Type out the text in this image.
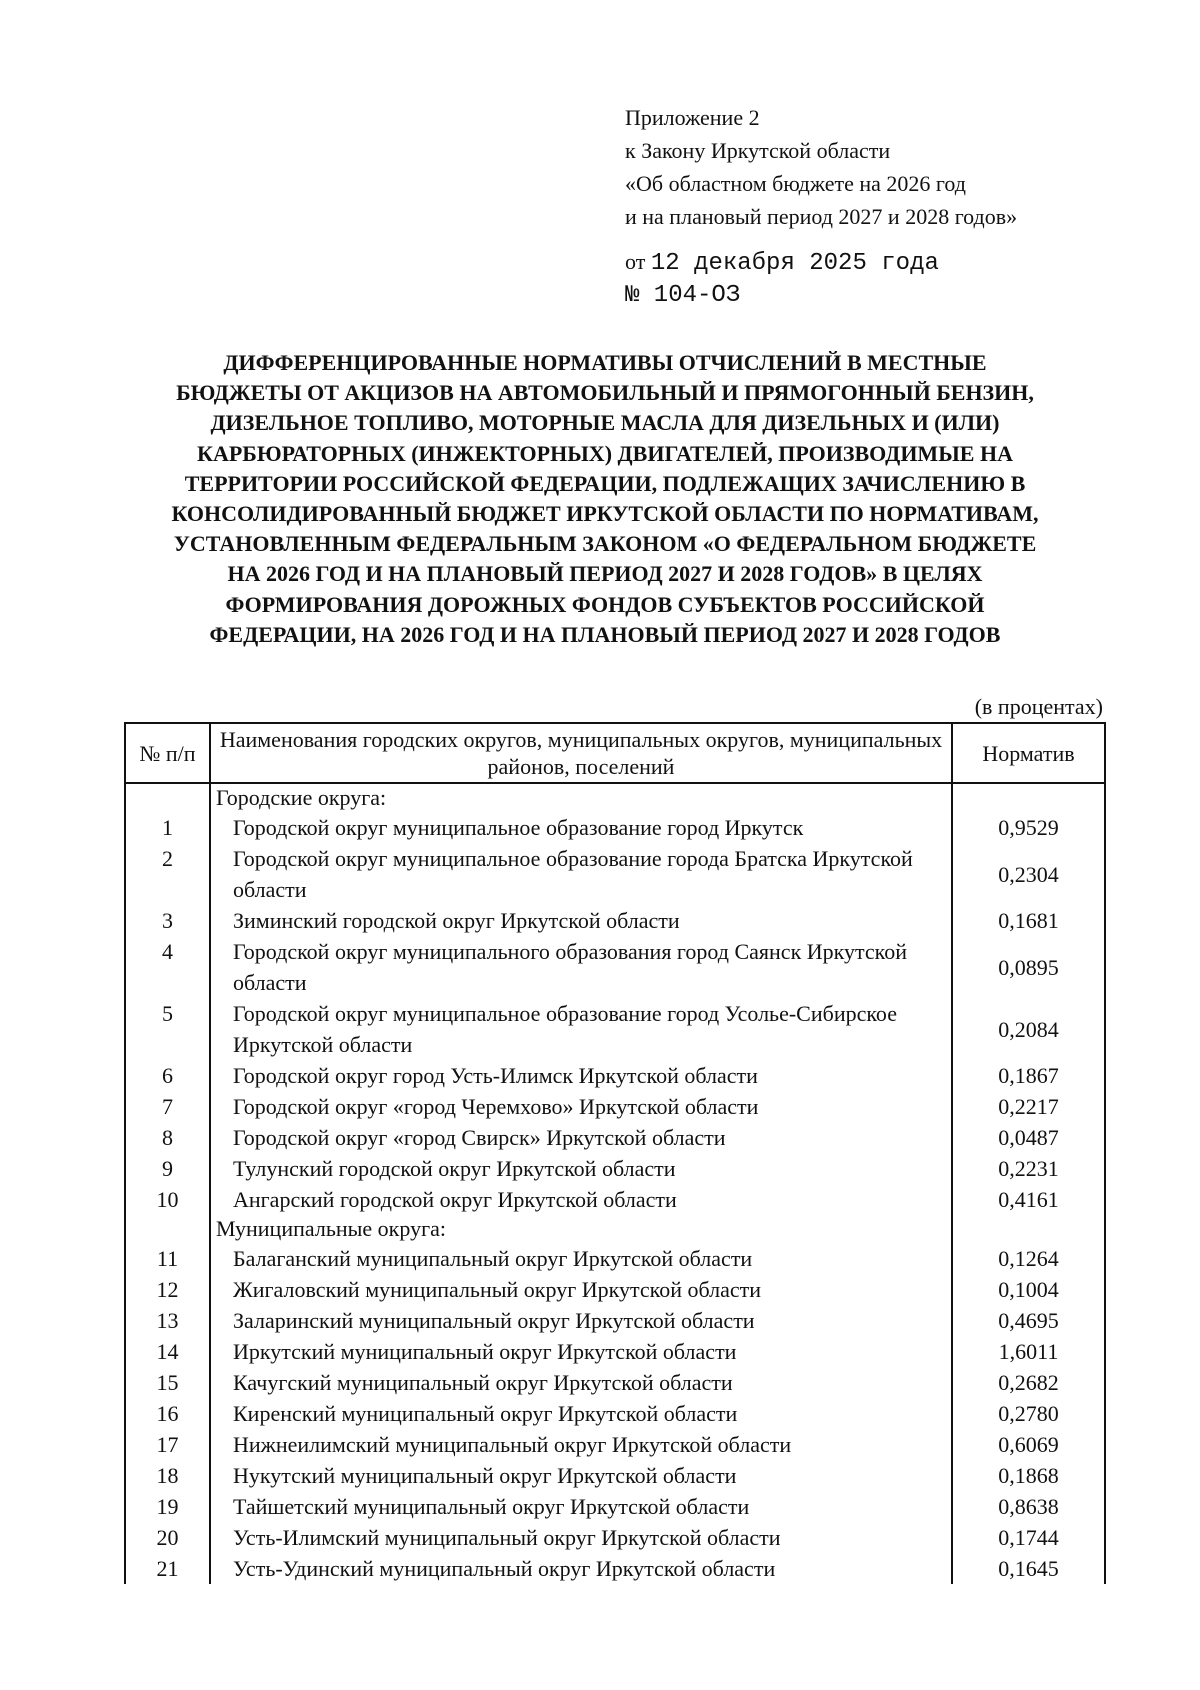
Приложение 2
к Закону Иркутской области
«Об областном бюджете на 2026 год
и на плановый период 2027 и 2028 годов»
от 12 декабря 2025 года
№ 104-ОЗ
ДИФФЕРЕНЦИРОВАННЫЕ НОРМАТИВЫ ОТЧИСЛЕНИЙ В МЕСТНЫЕ
БЮДЖЕТЫ ОТ АКЦИЗОВ НА АВТОМОБИЛЬНЫЙ И ПРЯМОГОННЫЙ БЕНЗИН,
ДИЗЕЛЬНОЕ ТОПЛИВО, МОТОРНЫЕ МАСЛА ДЛЯ ДИЗЕЛЬНЫХ И (ИЛИ)
КАРБЮРАТОРНЫХ (ИНЖЕКТОРНЫХ) ДВИГАТЕЛЕЙ, ПРОИЗВОДИМЫЕ НА
ТЕРРИТОРИИ РОССИЙСКОЙ ФЕДЕРАЦИИ, ПОДЛЕЖАЩИХ ЗАЧИСЛЕНИЮ В
КОНСОЛИДИРОВАННЫЙ БЮДЖЕТ ИРКУТСКОЙ ОБЛАСТИ ПО НОРМАТИВАМ,
УСТАНОВЛЕННЫМ ФЕДЕРАЛЬНЫМ ЗАКОНОМ «О ФЕДЕРАЛЬНОМ БЮДЖЕТЕ
НА 2026 ГОД И НА ПЛАНОВЫЙ ПЕРИОД 2027 И 2028 ГОДОВ» В ЦЕЛЯХ
ФОРМИРОВАНИЯ ДОРОЖНЫХ ФОНДОВ СУБЪЕКТОВ РОССИЙСКОЙ
ФЕДЕРАЦИИ, НА 2026 ГОД И НА ПЛАНОВЫЙ ПЕРИОД 2027 И 2028 ГОДОВ
(в процентах)
№ п/п	Наименования городских округов, муниципальных округов, муниципальных районов, поселений	Норматив
	Городские округа:	
1	Городской округ муниципальное образование город Иркутск	0,9529
2	Городской округ муниципальное образование города Братска Иркутской области	0,2304
3	Зиминский городской округ Иркутской области	0,1681
4	Городской округ муниципального образования город Саянск Иркутской области	0,0895
5	Городской округ муниципальное образование город Усолье-Сибирское Иркутской области	0,2084
6	Городской округ город Усть-Илимск Иркутской области	0,1867
7	Городской округ «город Черемхово» Иркутской области	0,2217
8	Городской округ «город Свирск» Иркутской области	0,0487
9	Тулунский городской округ Иркутской области	0,2231
10	Ангарский городской округ Иркутской области	0,4161
	Муниципальные округа:	
11	Балаганский муниципальный округ Иркутской области	0,1264
12	Жигаловский муниципальный округ Иркутской области	0,1004
13	Заларинский муниципальный округ Иркутской области	0,4695
14	Иркутский муниципальный округ Иркутской области	1,6011
15	Качугский муниципальный округ Иркутской области	0,2682
16	Киренский муниципальный округ Иркутской области	0,2780
17	Нижнеилимский муниципальный округ Иркутской области	0,6069
18	Нукутский муниципальный округ Иркутской области	0,1868
19	Тайшетский муниципальный округ Иркутской области	0,8638
20	Усть-Илимский муниципальный округ Иркутской области	0,1744
21	Усть-Удинский муниципальный округ Иркутской области	0,1645
